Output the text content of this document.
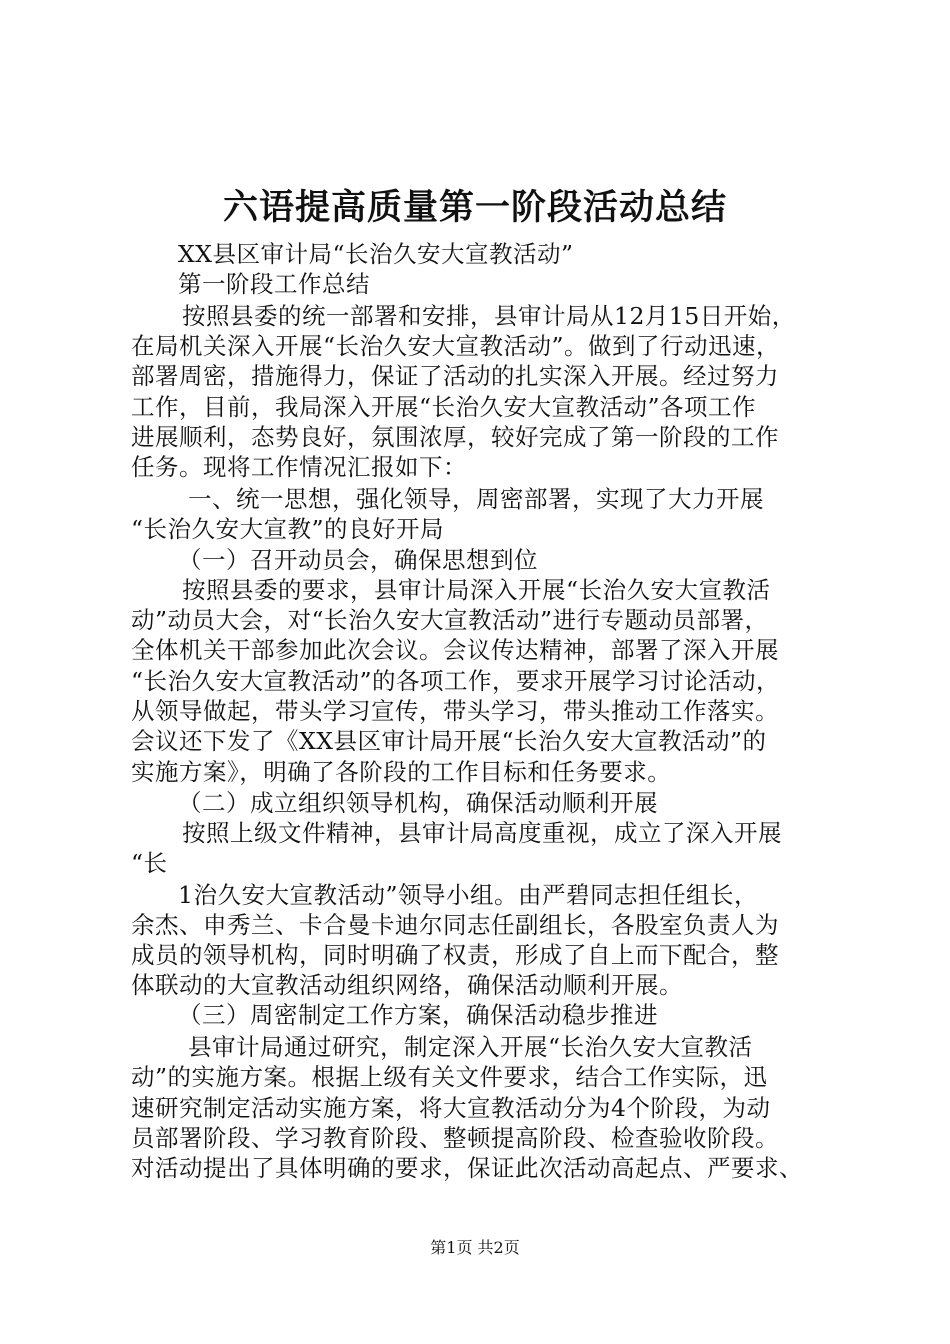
六语提高质量第一阶段活动总结
XX县区审计局“长治久安大宣教活动”
第一阶段工作总结
按照县委的统一部署和安排，县审计局从12月15日开始，
在局机关深入开展“长治久安大宣教活动”。做到了行动迅速，
部署周密，措施得力，保证了活动的扎实深入开展。经过努力
工作，目前，我局深入开展“长治久安大宣教活动”各项工作
进展顺利，态势良好，氛围浓厚，较好完成了第一阶段的工作
任务。现将工作情况汇报如下：
一、统一思想，强化领导，周密部署，实现了大力开展
“长治久安大宣教”的良好开局
（一）召开动员会，确保思想到位
按照县委的要求，县审计局深入开展“长治久安大宣教活
动”动员大会，对“长治久安大宣教活动”进行专题动员部署，
全体机关干部参加此次会议。会议传达精神，部署了深入开展
“长治久安大宣教活动”的各项工作，要求开展学习讨论活动，
从领导做起，带头学习宣传，带头学习，带头推动工作落实。
会议还下发了《XX县区审计局开展“长治久安大宣教活动”的
实施方案》，明确了各阶段的工作目标和任务要求。
（二）成立组织领导机构，确保活动顺利开展
按照上级文件精神，县审计局高度重视，成立了深入开展
“长
1治久安大宣教活动”领导小组。由严碧同志担任组长，
余杰、申秀兰、卡合曼卡迪尔同志任副组长，各股室负责人为
成员的领导机构，同时明确了权责，形成了自上而下配合，整
体联动的大宣教活动组织网络，确保活动顺利开展。
（三）周密制定工作方案，确保活动稳步推进
县审计局通过研究，制定深入开展“长治久安大宣教活
动”的实施方案。根据上级有关文件要求，结合工作实际，迅
速研究制定活动实施方案，将大宣教活动分为4个阶段，为动
员部署阶段、学习教育阶段、整顿提高阶段、检查验收阶段。
对活动提出了具体明确的要求，保证此次活动高起点、严要求、
第1页 共2页
